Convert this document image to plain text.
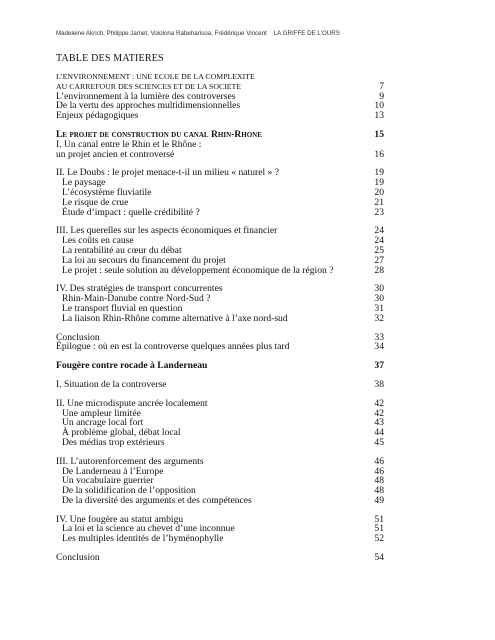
Madeleine Akrich, Philippe Jamet, Vololona Rabeharisoa, Frédérique Vincent LA GRIFFE DE L'OURS
TABLE DES MATIERES
L’ENVIRONNEMENT : UNE ECOLE DE LA COMPLEXITE
AU CARREFOUR DES SCIENCES ET DE LA SOCIETE	7
L’environnement à la lumière des controverses	9
De la vertu des approches multidimensionnelles	10
Enjeux pédagogiques	13
Le projet de construction du canal Rhin-Rhone	15
I. Un canal entre le Rhin et le Rhône :
un projet ancien et controversé	16
II. Le Doubs : le projet menace-t-il un milieu « naturel » ?	19
Le paysage	19
L’écosystème fluviatile	20
Le risque de crue	21
Étude d’impact : quelle crédibilité ?	23
III. Les querelles sur les aspects économiques et financier	24
Les coûts en cause	24
La rentabilité au cœur du débat	25
La loi au secours du financement du projet	27
Le projet : seule solution au développement économique de la région ?	28
IV. Des stratégies de transport concurrentes	30
Rhin-Main-Danube contre Nord-Sud ?	30
Le transport fluvial en question	31
La liaison Rhin-Rhône comme alternative à l’axe nord-sud	32
Conclusion	33
Épilogue : où en est la controverse quelques années plus tard	34
Fougère contre rocade à Landerneau	37
I. Situation de la controverse	38
II. Une microdispute ancrée localement	42
Une ampleur limitée	42
Un ancrage local fort	43
À problème global, débat local	44
Des médias trop extérieurs	45
III. L’autorenforcement des arguments	46
De Landerneau à l’Europe	46
Un vocabulaire guerrier	48
De la solidification de l’opposition	48
De la diversité des arguments et des compétences	49
IV. Une fougère au statut ambigu	51
La loi et la science au chevet d’une inconnue	51
Les multiples identités de l’hyménophylle	52
Conclusion	54
